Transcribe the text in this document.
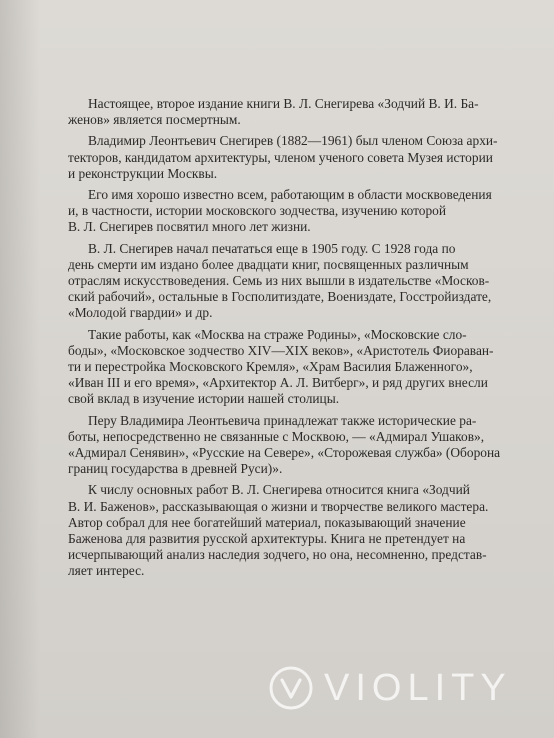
Настоящее, второе издание книги В. Л. Снегирева «Зодчий В. И. Ба-
женов» является посмертным.

Владимир Леонтьевич Снегирев (1882—1961) был членом Союза архи-
текторов, кандидатом архитектуры, членом ученого совета Музея истории
и реконструкции Москвы.

Его имя хорошо известно всем, работающим в области москвоведения
и, в частности, истории московского зодчества, изучению которой
В. Л. Снегирев посвятил много лет жизни.

В. Л. Снегирев начал печататься еще в 1905 году. С 1928 года по
день смерти им издано более двадцати книг, посвященных различным
отраслям искусствоведения. Семь из них вышли в издательстве «Москов-
ский рабочий», остальные в Госполитиздате, Воениздате, Госстройиздате,
«Молодой гвардии» и др.

Такие работы, как «Москва на страже Родины», «Московские сло-
боды», «Московское зодчество XIV—XIX веков», «Аристотель Фиораван-
ти и перестройка Московского Кремля», «Храм Василия Блаженного»,
«Иван III и его время», «Архитектор А. Л. Витберг», и ряд других внесли
свой вклад в изучение истории нашей столицы.

Перу Владимира Леонтьевича принадлежат также исторические ра-
боты, непосредственно не связанные с Москвою, — «Адмирал Ушаков»,
«Адмирал Сенявин», «Русские на Севере», «Сторожевая служба» (Оборона
границ государства в древней Руси)».

К числу основных работ В. Л. Снегирева относится книга «Зодчий
В. И. Баженов», рассказывающая о жизни и творчестве великого мастера.
Автор собрал для нее богатейший материал, показывающий значение
Баженова для развития русской архитектуры. Книга не претендует на
исчерпывающий анализ наследия зодчего, но она, несомненно, представ-
ляет интерес.

VIOLITY
